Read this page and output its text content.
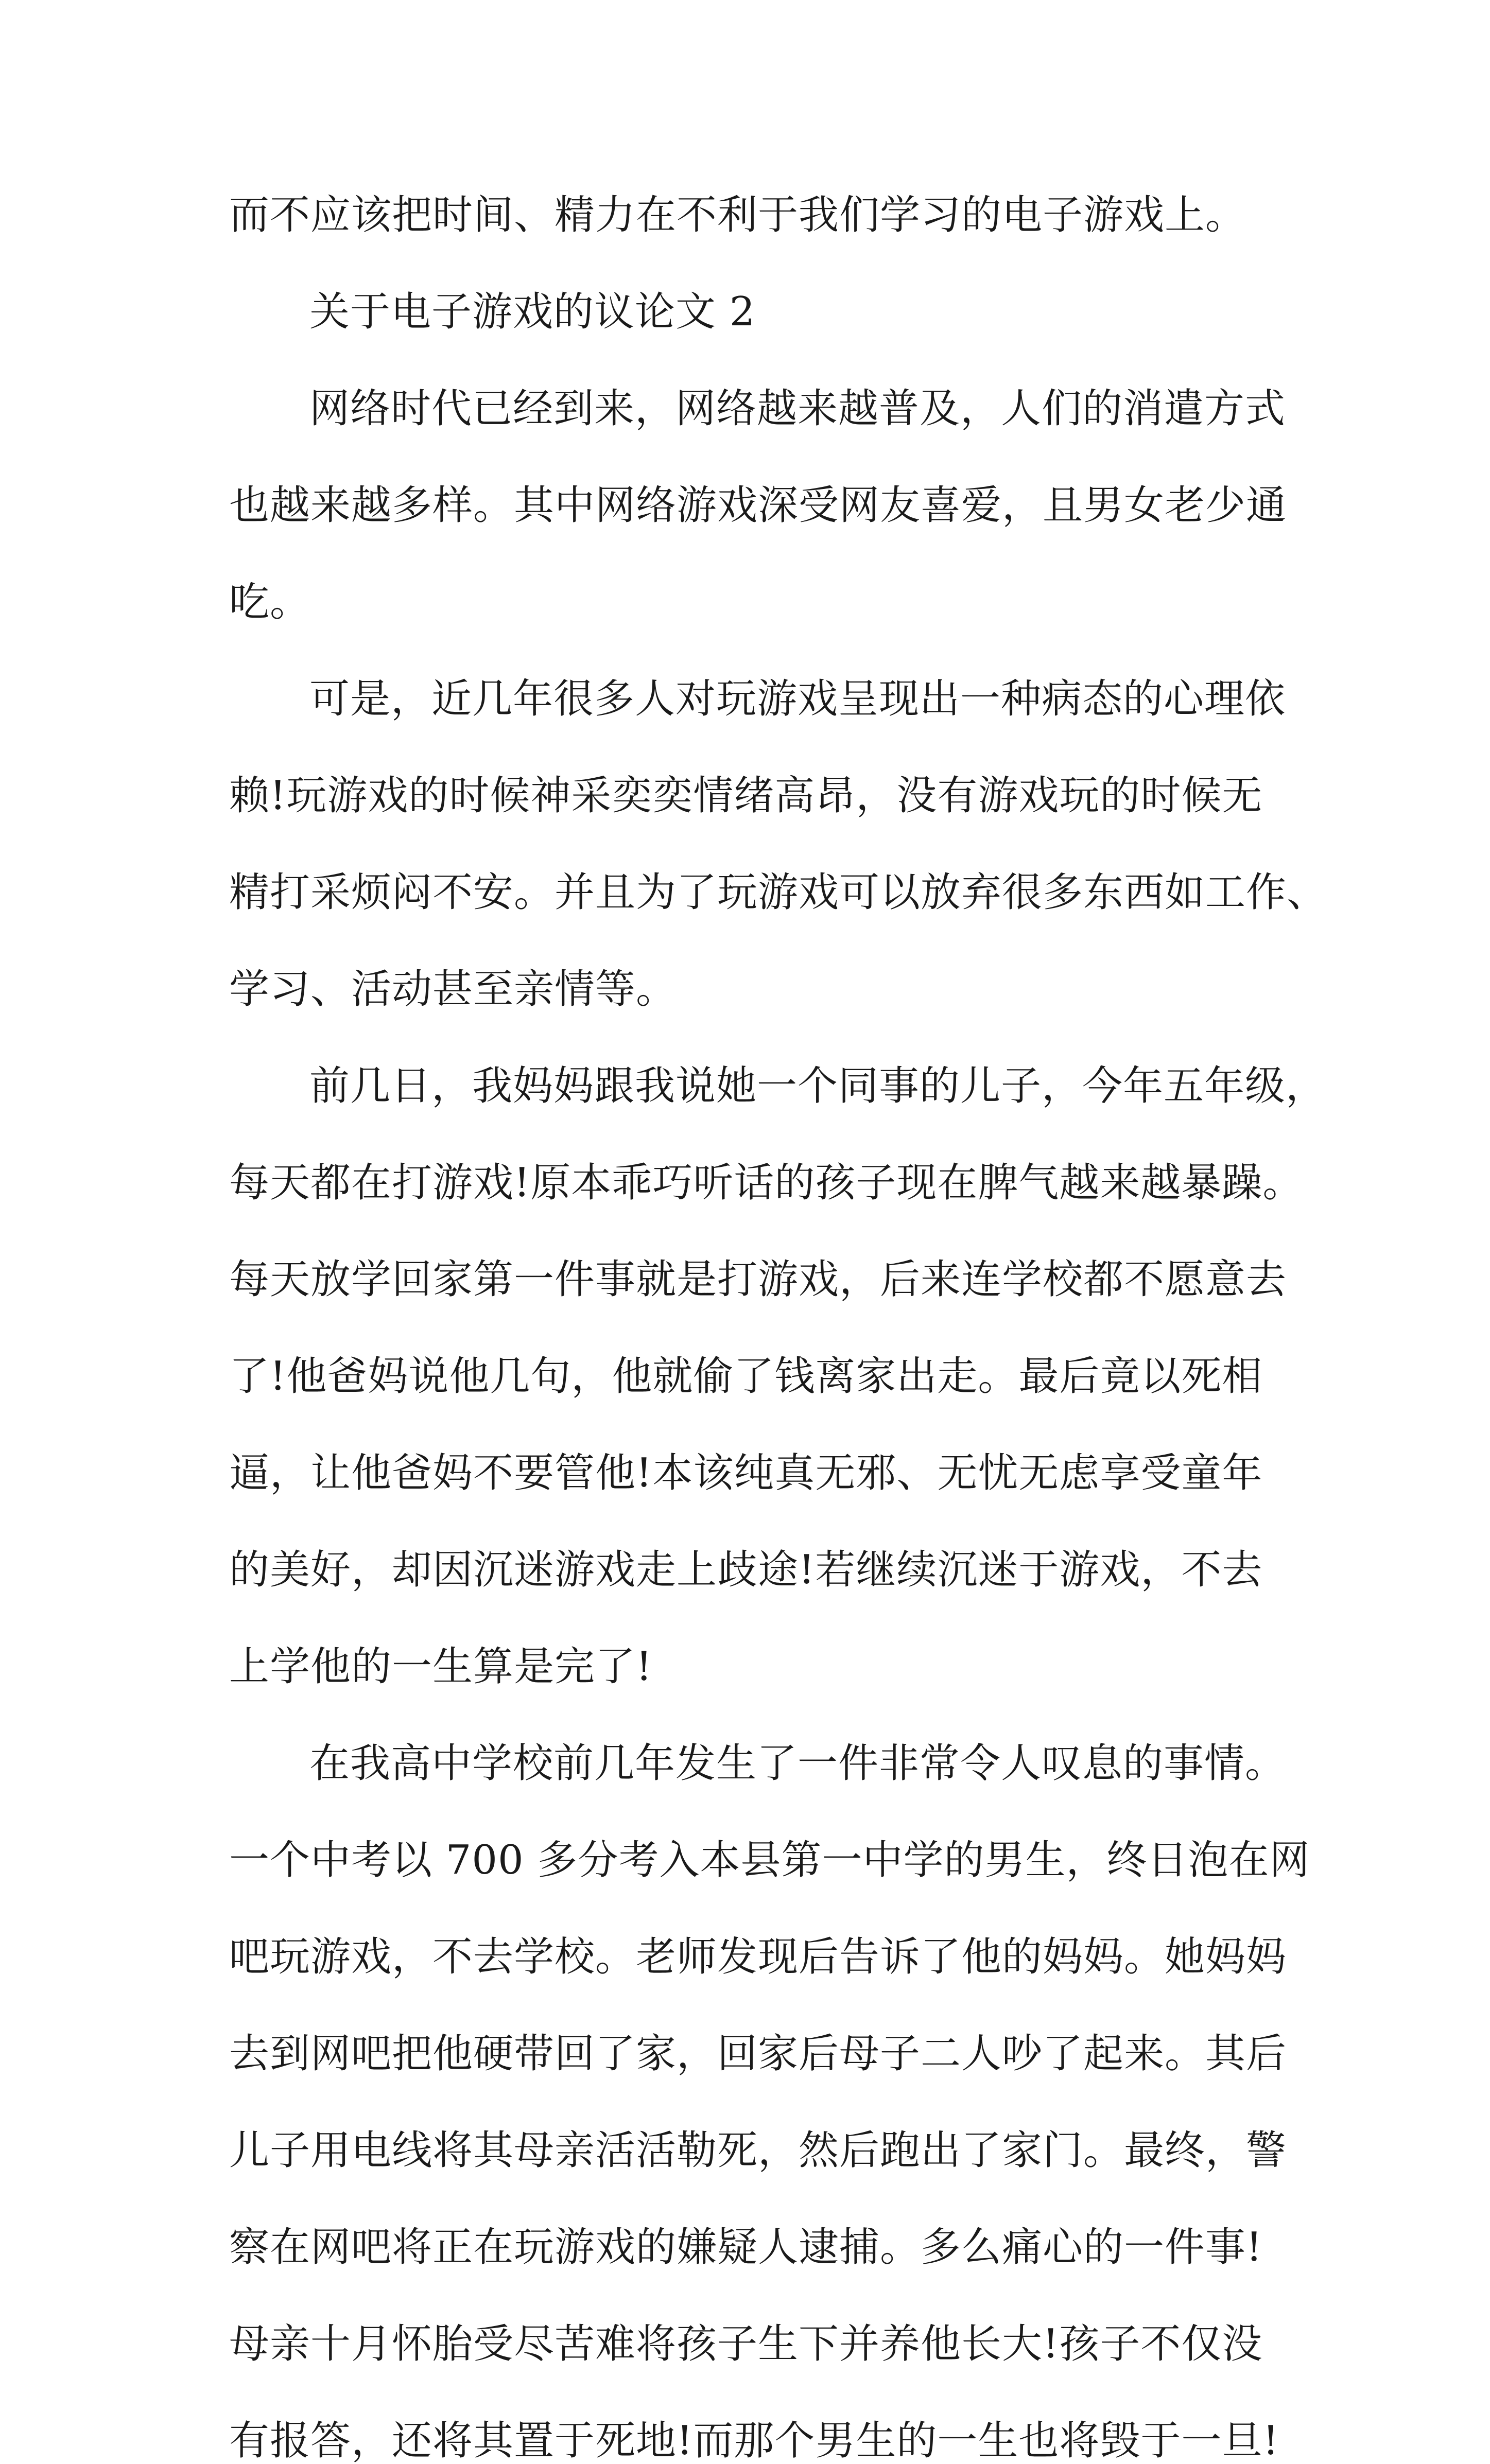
而不应该把时间、精力在不利于我们学习的电子游戏上。

关于电子游戏的议论文 2

网络时代已经到来，网络越来越普及，人们的消遣方式

也越来越多样。其中网络游戏深受网友喜爱，且男女老少通

吃。

可是，近几年很多人对玩游戏呈现出一种病态的心理依

赖!玩游戏的时候神采奕奕情绪高昂，没有游戏玩的时候无

精打采烦闷不安。并且为了玩游戏可以放弃很多东西如工作、

学习、活动甚至亲情等。

前几日，我妈妈跟我说她一个同事的儿子，今年五年级，

每天都在打游戏!原本乖巧听话的孩子现在脾气越来越暴躁。

每天放学回家第一件事就是打游戏，后来连学校都不愿意去

了!他爸妈说他几句，他就偷了钱离家出走。最后竟以死相

逼，让他爸妈不要管他!本该纯真无邪、无忧无虑享受童年

的美好，却因沉迷游戏走上歧途!若继续沉迷于游戏，不去

上学他的一生算是完了!

在我高中学校前几年发生了一件非常令人叹息的事情。

一个中考以 700 多分考入本县第一中学的男生，终日泡在网

吧玩游戏，不去学校。老师发现后告诉了他的妈妈。她妈妈

去到网吧把他硬带回了家，回家后母子二人吵了起来。其后

儿子用电线将其母亲活活勒死，然后跑出了家门。最终，警

察在网吧将正在玩游戏的嫌疑人逮捕。多么痛心的一件事!

母亲十月怀胎受尽苦难将孩子生下并养他长大!孩子不仅没

有报答，还将其置于死地!而那个男生的一生也将毁于一旦!
